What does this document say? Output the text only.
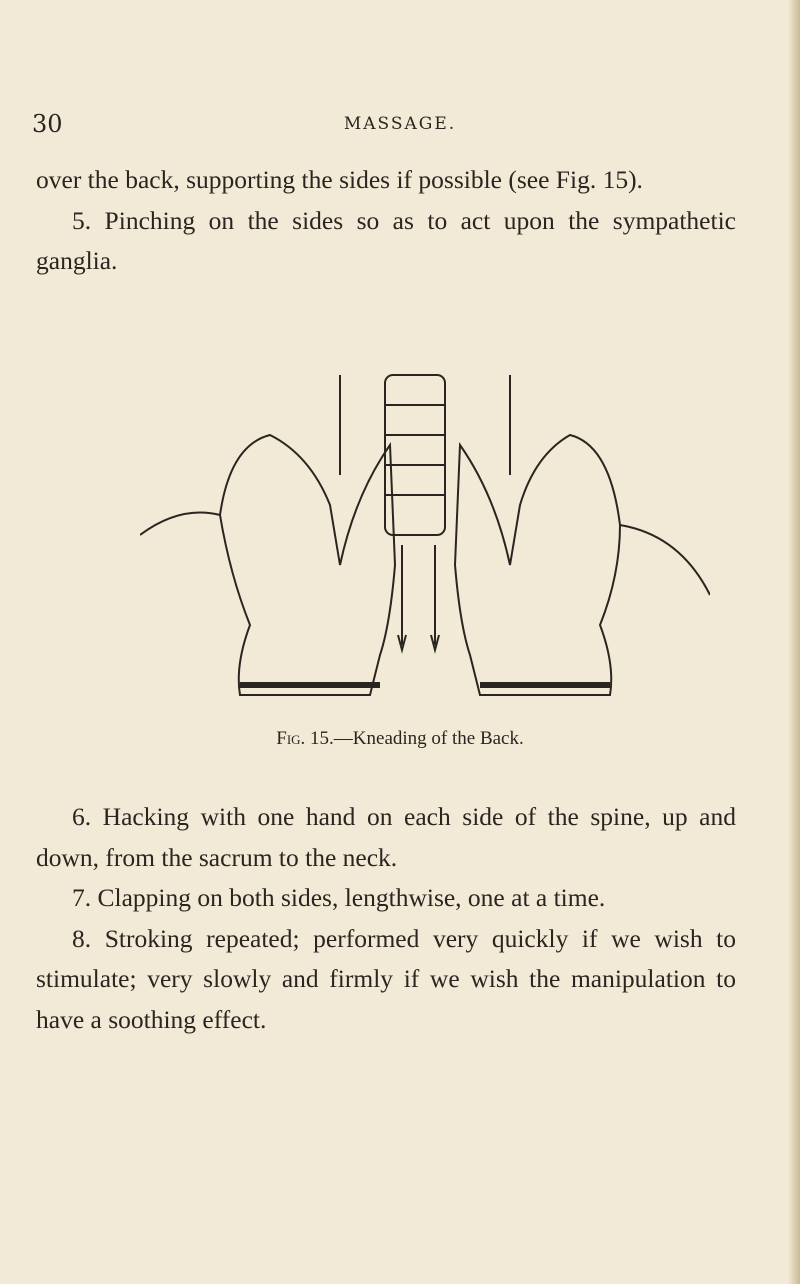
30	MASSAGE.

over the back, supporting the sides if possible (see Fig. 15).

5. Pinching on the sides so as to act upon the sympathetic ganglia.

Fig. 15.—Kneading of the Back.

6. Hacking with one hand on each side of the spine, up and down, from the sacrum to the neck.

7. Clapping on both sides, lengthwise, one at a time.

8. Stroking repeated; performed very quickly if we wish to stimulate; very slowly and firmly if we wish the manipulation to have a soothing effect.
